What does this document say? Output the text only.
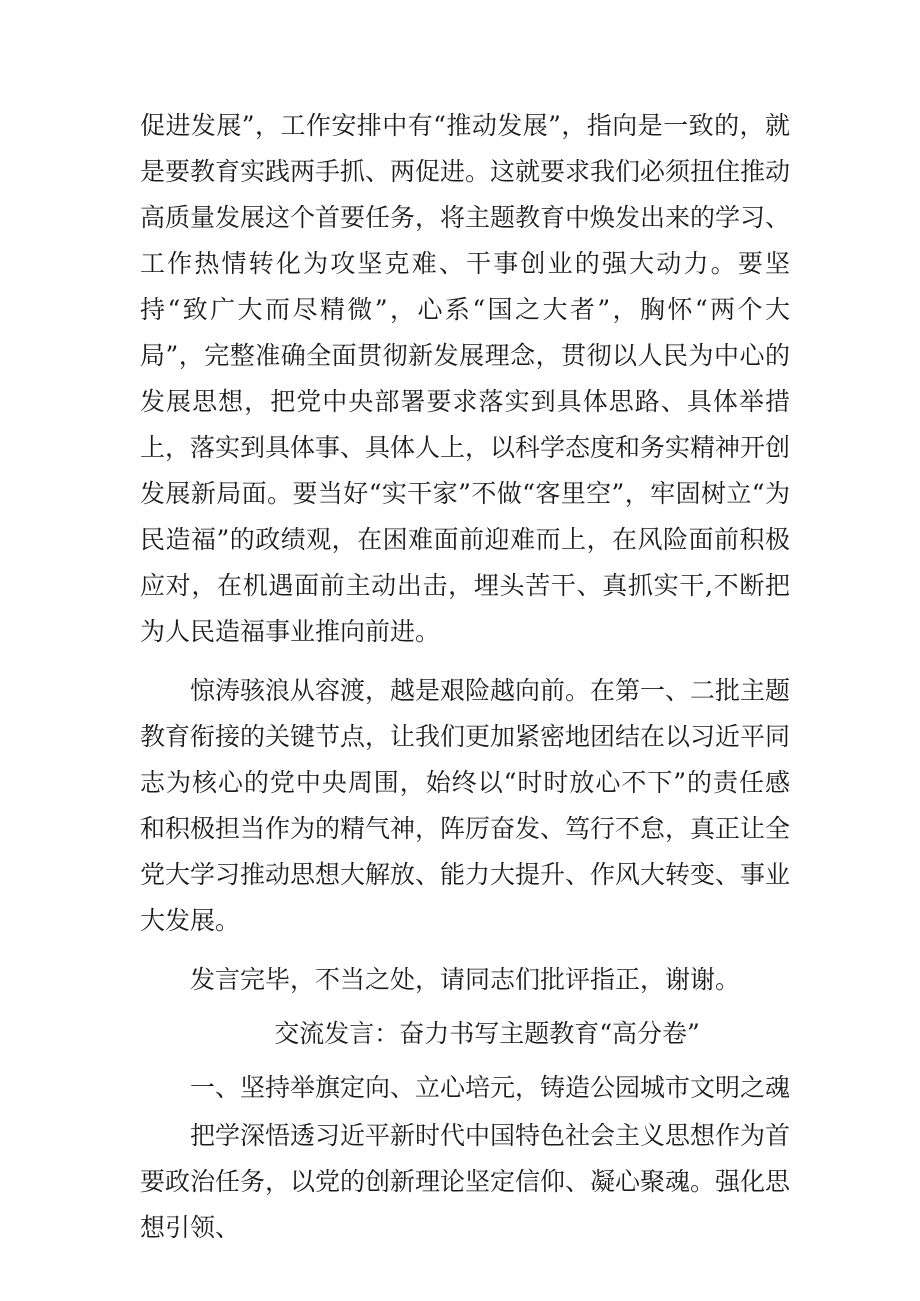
促进发展”，工作安排中有“推动发展”，指向是一致的，就是要教育实践两手抓、两促进。这就要求我们必须扭住推动高质量发展这个首要任务，将主题教育中焕发出来的学习、工作热情转化为攻坚克难、干事创业的强大动力。要坚持“致广大而尽精微”，心系“国之大者”，胸怀“两个大局”，完整准确全面贯彻新发展理念，贯彻以人民为中心的发展思想，把党中央部署要求落实到具体思路、具体举措上，落实到具体事、具体人上，以科学态度和务实精神开创发展新局面。要当好“实干家”不做“客里空”，牢固树立“为民造福”的政绩观，在困难面前迎难而上，在风险面前积极应对，在机遇面前主动出击，埋头苦干、真抓实干,不断把为人民造福事业推向前进。

惊涛骇浪从容渡，越是艰险越向前。在第一、二批主题教育衔接的关键节点，让我们更加紧密地团结在以习近平同志为核心的党中央周围，始终以“时时放心不下”的责任感和积极担当作为的精气神，阵厉奋发、笃行不怠，真正让全党大学习推动思想大解放、能力大提升、作风大转变、事业大发展。

发言完毕，不当之处，请同志们批评指正，谢谢。

交流发言：奋力书写主题教育“高分卷”

一、坚持举旗定向、立心培元，铸造公园城市文明之魂

把学深悟透习近平新时代中国特色社会主义思想作为首要政治任务，以党的创新理论坚定信仰、凝心聚魂。强化思想引领、
